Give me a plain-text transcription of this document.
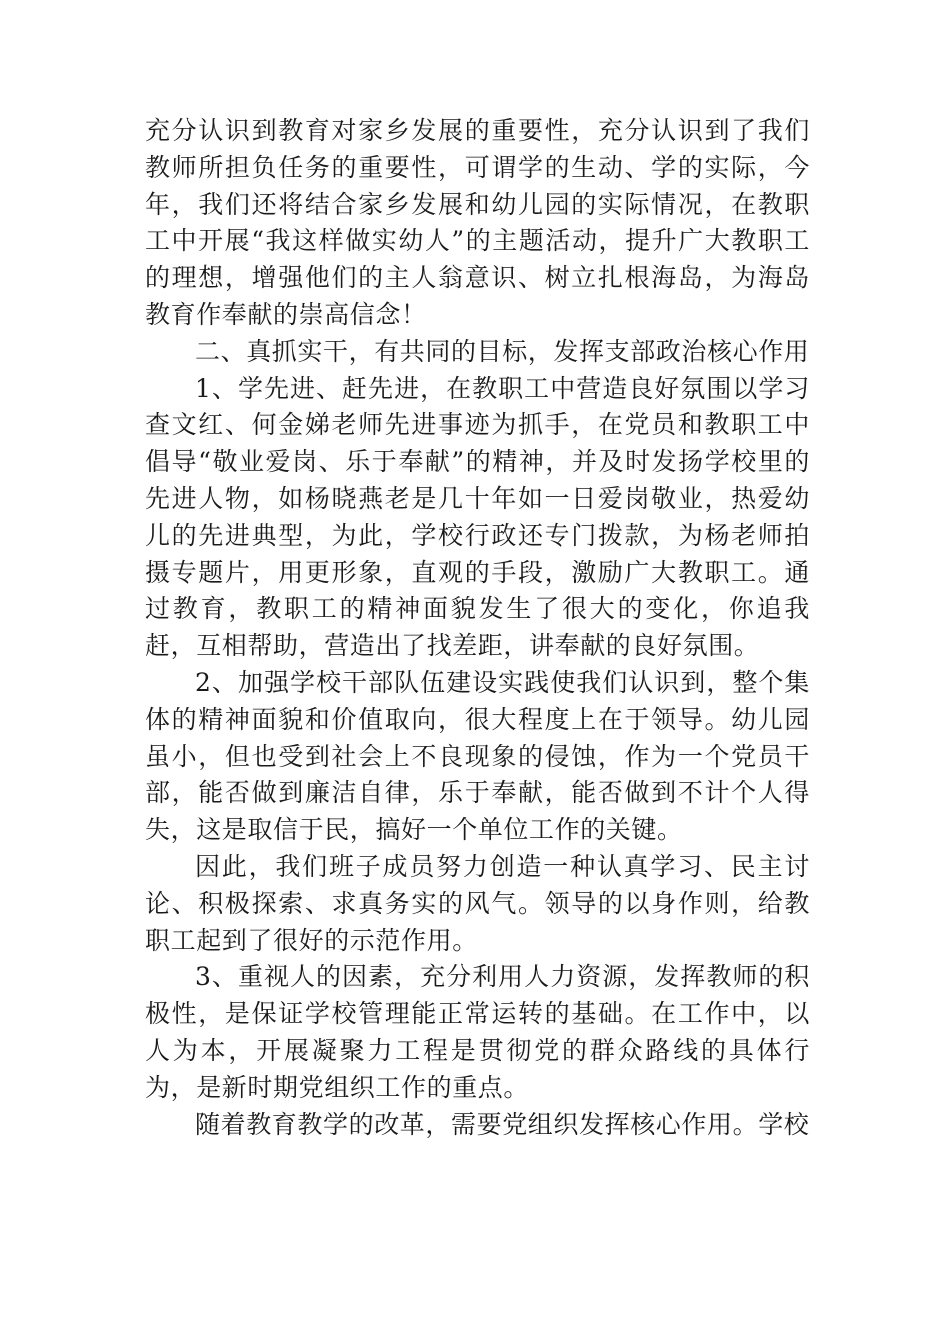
充分认识到教育对家乡发展的重要性，充分认识到了我们教师所担负任务的重要性，可谓学的生动、学的实际，今年，我们还将结合家乡发展和幼儿园的实际情况，在教职工中开展“我这样做实幼人”的主题活动，提升广大教职工的理想，增强他们的主人翁意识、树立扎根海岛，为海岛教育作奉献的崇高信念！

二、真抓实干，有共同的目标，发挥支部政治核心作用

1、学先进、赶先进，在教职工中营造良好氛围以学习查文红、何金娣老师先进事迹为抓手，在党员和教职工中倡导“敬业爱岗、乐于奉献”的精神，并及时发扬学校里的先进人物，如杨晓燕老是几十年如一日爱岗敬业，热爱幼儿的先进典型，为此，学校行政还专门拨款，为杨老师拍摄专题片，用更形象，直观的手段，激励广大教职工。通过教育，教职工的精神面貌发生了很大的变化，你追我赶，互相帮助，营造出了找差距，讲奉献的良好氛围。

2、加强学校干部队伍建设实践使我们认识到，整个集体的精神面貌和价值取向，很大程度上在于领导。幼儿园虽小，但也受到社会上不良现象的侵蚀，作为一个党员干部，能否做到廉洁自律，乐于奉献，能否做到不计个人得失，这是取信于民，搞好一个单位工作的关键。

因此，我们班子成员努力创造一种认真学习、民主讨论、积极探索、求真务实的风气。领导的以身作则，给教职工起到了很好的示范作用。

3、重视人的因素，充分利用人力资源，发挥教师的积极性，是保证学校管理能正常运转的基础。在工作中，以人为本，开展凝聚力工程是贯彻党的群众路线的具体行为，是新时期党组织工作的重点。

随着教育教学的改革，需要党组织发挥核心作用。学校
